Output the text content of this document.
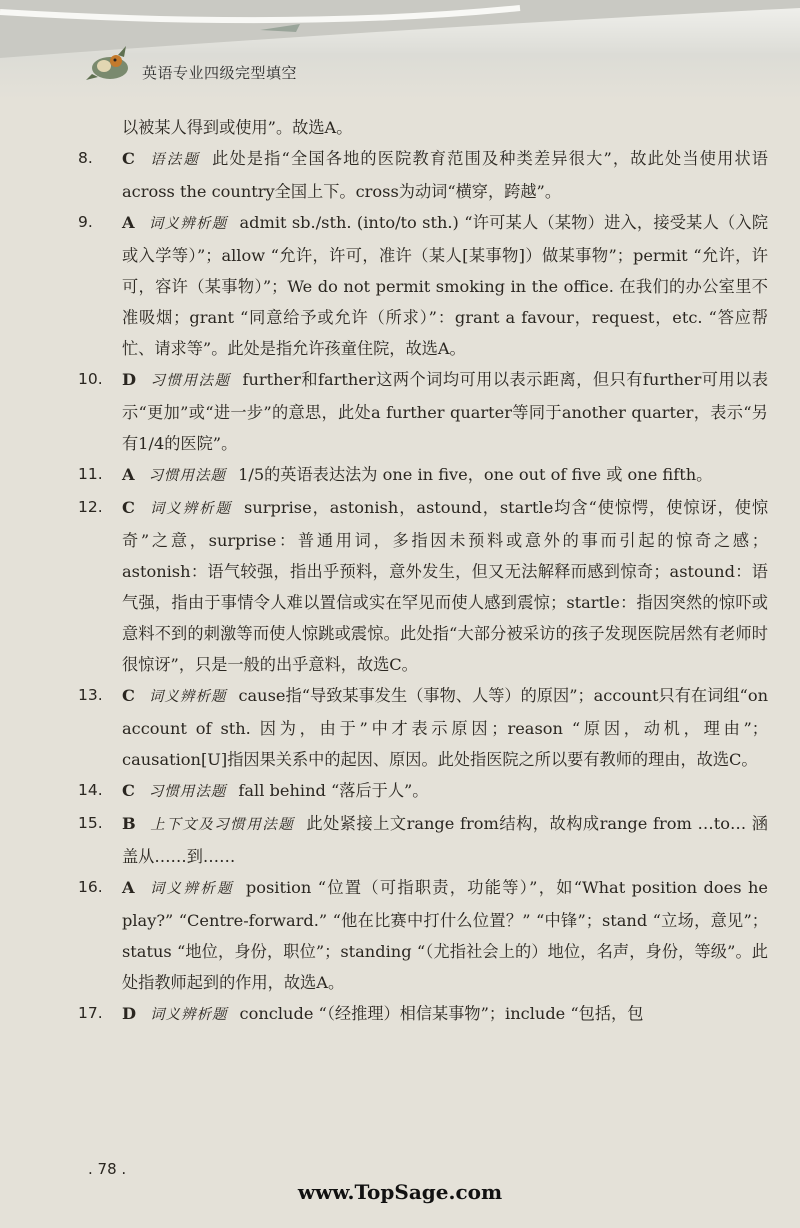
英语专业四级完型填空
以被某人得到或使用”。故选A。
8.	C 语法题 此处是指“全国各地的医院教育范围及种类差异很大”，故此处当使用状语across the country全国上下。cross为动词“横穿，跨越”。
9.	A 词义辨析题 admit sb./sth. (into/to sth.) “许可某人（某物）进入，接受某人（入院或入学等）”；allow “允许，许可，准许（某人[某事物]）做某事物”；permit “允许，许可，容许（某事物）”；We do not permit smoking in the office. 在我们的办公室里不准吸烟；grant “同意给予或允许（所求）”：grant a favour，request，etc. “答应帮忙、请求等”。此处是指允许孩童住院，故选A。
10.	D 习惯用法题 further和farther这两个词均可用以表示距离，但只有further可用以表示“更加”或“进一步”的意思，此处a further quarter等同于another quarter，表示“另有1/4的医院”。
11.	A 习惯用法题 1/5的英语表达法为 one in five，one out of five 或 one fifth。
12.	C 词义辨析题 surprise，astonish，astound，startle均含“使惊愕，使惊讶，使惊奇”之意，surprise：普通用词，多指因未预料或意外的事而引起的惊奇之感；astonish：语气较强，指出乎预料，意外发生，但又无法解释而感到惊奇；astound：语气强，指由于事情令人难以置信或实在罕见而使人感到震惊；startle：指因突然的惊吓或意料不到的刺激等而使人惊跳或震惊。此处指“大部分被采访的孩子发现医院居然有老师时很惊讶”，只是一般的出乎意料，故选C。
13.	C 词义辨析题 cause指“导致某事发生（事物、人等）的原因”；account只有在词组“on account of sth. 因为，由于”中才表示原因；reason “原因，动机，理由”；causation[U]指因果关系中的起因、原因。此处指医院之所以要有教师的理由，故选C。
14.	C 习惯用法题 fall behind “落后于人”。
15.	B 上下文及习惯用法题 此处紧接上文range from结构，故构成range from …to… 涵盖从……到……
16.	A 词义辨析题 position “位置（可指职责，功能等）”，如“What position does he play?” “Centre-forward.” “他在比赛中打什么位置？” “中锋”；stand “立场，意见”；status “地位，身份，职位”；standing “（尤指社会上的）地位，名声，身份，等级”。此处指教师起到的作用，故选A。
17.	D 词义辨析题 conclude “（经推理）相信某事物”；include “包括，包
. 78 .
www.TopSage.com
